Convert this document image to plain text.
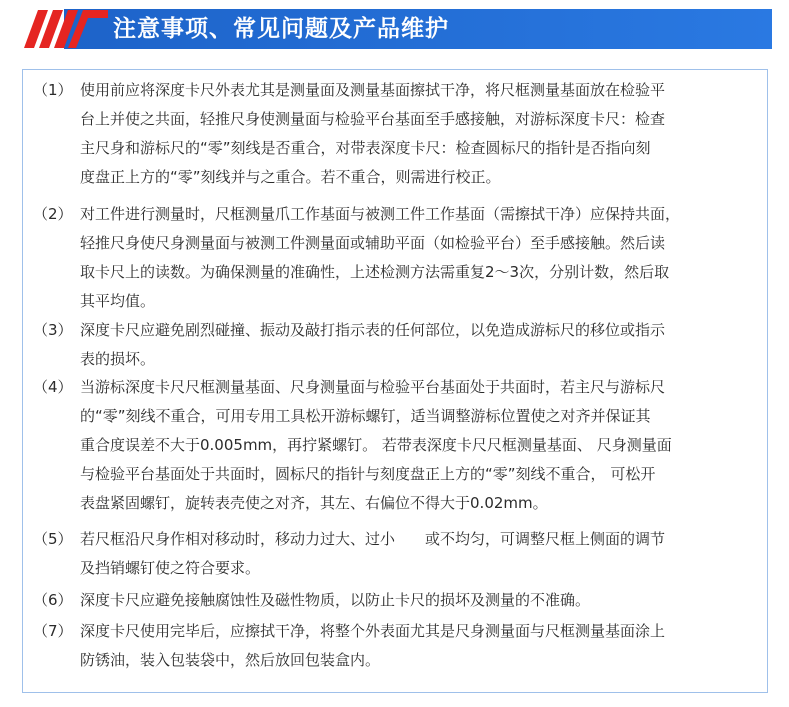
注意事项、常见问题及产品维护
（1） 使用前应将深度卡尺外表尤其是测量面及测量基面擦拭干净，将尺框测量基面放在检验平
台上并使之共面，轻推尺身使测量面与检验平台基面至手感接触，对游标深度卡尺：检查
主尺身和游标尺的“零”刻线是否重合，对带表深度卡尺：检查圆标尺的指针是否指向刻
度盘正上方的“零”刻线并与之重合。若不重合，则需进行校正。
（2） 对工件进行测量时，尺框测量爪工作基面与被测工件工作基面（需擦拭干净）应保持共面，
轻推尺身使尺身测量面与被测工件测量面或辅助平面（如检验平台）至手感接触。然后读
取卡尺上的读数。为确保测量的准确性，上述检测方法需重复2～3次，分别计数，然后取
其平均值。
（3） 深度卡尺应避免剧烈碰撞、振动及敲打指示表的任何部位，以免造成游标尺的移位或指示
表的损坏。
（4） 当游标深度卡尺尺框测量基面、尺身测量面与检验平台基面处于共面时，若主尺与游标尺
的“零”刻线不重合，可用专用工具松开游标螺钉，适当调整游标位置使之对齐并保证其
重合度误差不大于0.005mm，再拧紧螺钉。 若带表深度卡尺尺框测量基面、 尺身测量面
与检验平台基面处于共面时，圆标尺的指针与刻度盘正上方的“零”刻线不重合， 可松开
表盘紧固螺钉，旋转表壳使之对齐，其左、右偏位不得大于0.02mm。
（5） 若尺框沿尺身作相对移动时，移动力过大、过小　　或不均匀，可调整尺框上侧面的调节
及挡销螺钉使之符合要求。
（6） 深度卡尺应避免接触腐蚀性及磁性物质，以防止卡尺的损坏及测量的不准确。
（7） 深度卡尺使用完毕后，应擦拭干净，将整个外表面尤其是尺身测量面与尺框测量基面涂上
防锈油，装入包装袋中，然后放回包装盒内。
